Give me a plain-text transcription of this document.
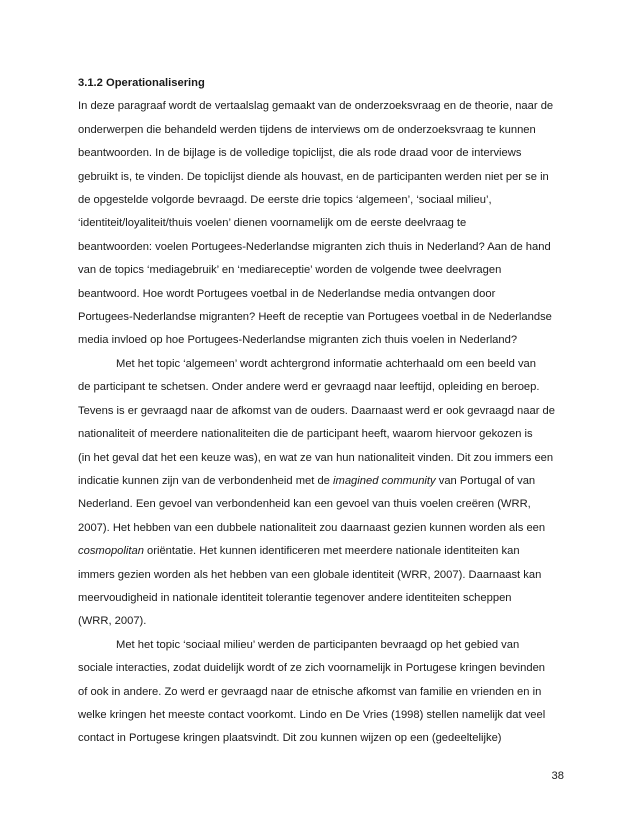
3.1.2 Operationalisering

In deze paragraaf wordt de vertaalslag gemaakt van de onderzoeksvraag en de theorie, naar de
onderwerpen die behandeld werden tijdens de interviews om de onderzoeksvraag te kunnen
beantwoorden. In de bijlage is de volledige topiclijst, die als rode draad voor de interviews
gebruikt is, te vinden. De topiclijst diende als houvast, en de participanten werden niet per se in
de opgestelde volgorde bevraagd. De eerste drie topics ‘algemeen’, ‘sociaal milieu’,
‘identiteit/loyaliteit/thuis voelen’ dienen voornamelijk om de eerste deelvraag te
beantwoorden: voelen Portugees-Nederlandse migranten zich thuis in Nederland? Aan de hand
van de topics ‘mediagebruik’ en ‘mediareceptie’ worden de volgende twee deelvragen
beantwoord. Hoe wordt Portugees voetbal in de Nederlandse media ontvangen door
Portugees-Nederlandse migranten? Heeft de receptie van Portugees voetbal in de Nederlandse
media invloed op hoe Portugees-Nederlandse migranten zich thuis voelen in Nederland?
Met het topic ‘algemeen’ wordt achtergrond informatie achterhaald om een beeld van
de participant te schetsen. Onder andere werd er gevraagd naar leeftijd, opleiding en beroep.
Tevens is er gevraagd naar de afkomst van de ouders. Daarnaast werd er ook gevraagd naar de
nationaliteit of meerdere nationaliteiten die de participant heeft, waarom hiervoor gekozen is
(in het geval dat het een keuze was), en wat ze van hun nationaliteit vinden. Dit zou immers een
indicatie kunnen zijn van de verbondenheid met de imagined community van Portugal of van
Nederland. Een gevoel van verbondenheid kan een gevoel van thuis voelen creëren (WRR,
2007). Het hebben van een dubbele nationaliteit zou daarnaast gezien kunnen worden als een
cosmopolitan oriëntatie. Het kunnen identificeren met meerdere nationale identiteiten kan
immers gezien worden als het hebben van een globale identiteit (WRR, 2007). Daarnaast kan
meervoudigheid in nationale identiteit tolerantie tegenover andere identiteiten scheppen
(WRR, 2007).
Met het topic ‘sociaal milieu’ werden de participanten bevraagd op het gebied van
sociale interacties, zodat duidelijk wordt of ze zich voornamelijk in Portugese kringen bevinden
of ook in andere. Zo werd er gevraagd naar de etnische afkomst van familie en vrienden en in
welke kringen het meeste contact voorkomt. Lindo en De Vries (1998) stellen namelijk dat veel
contact in Portugese kringen plaatsvindt. Dit zou kunnen wijzen op een (gedeeltelijke)
38
